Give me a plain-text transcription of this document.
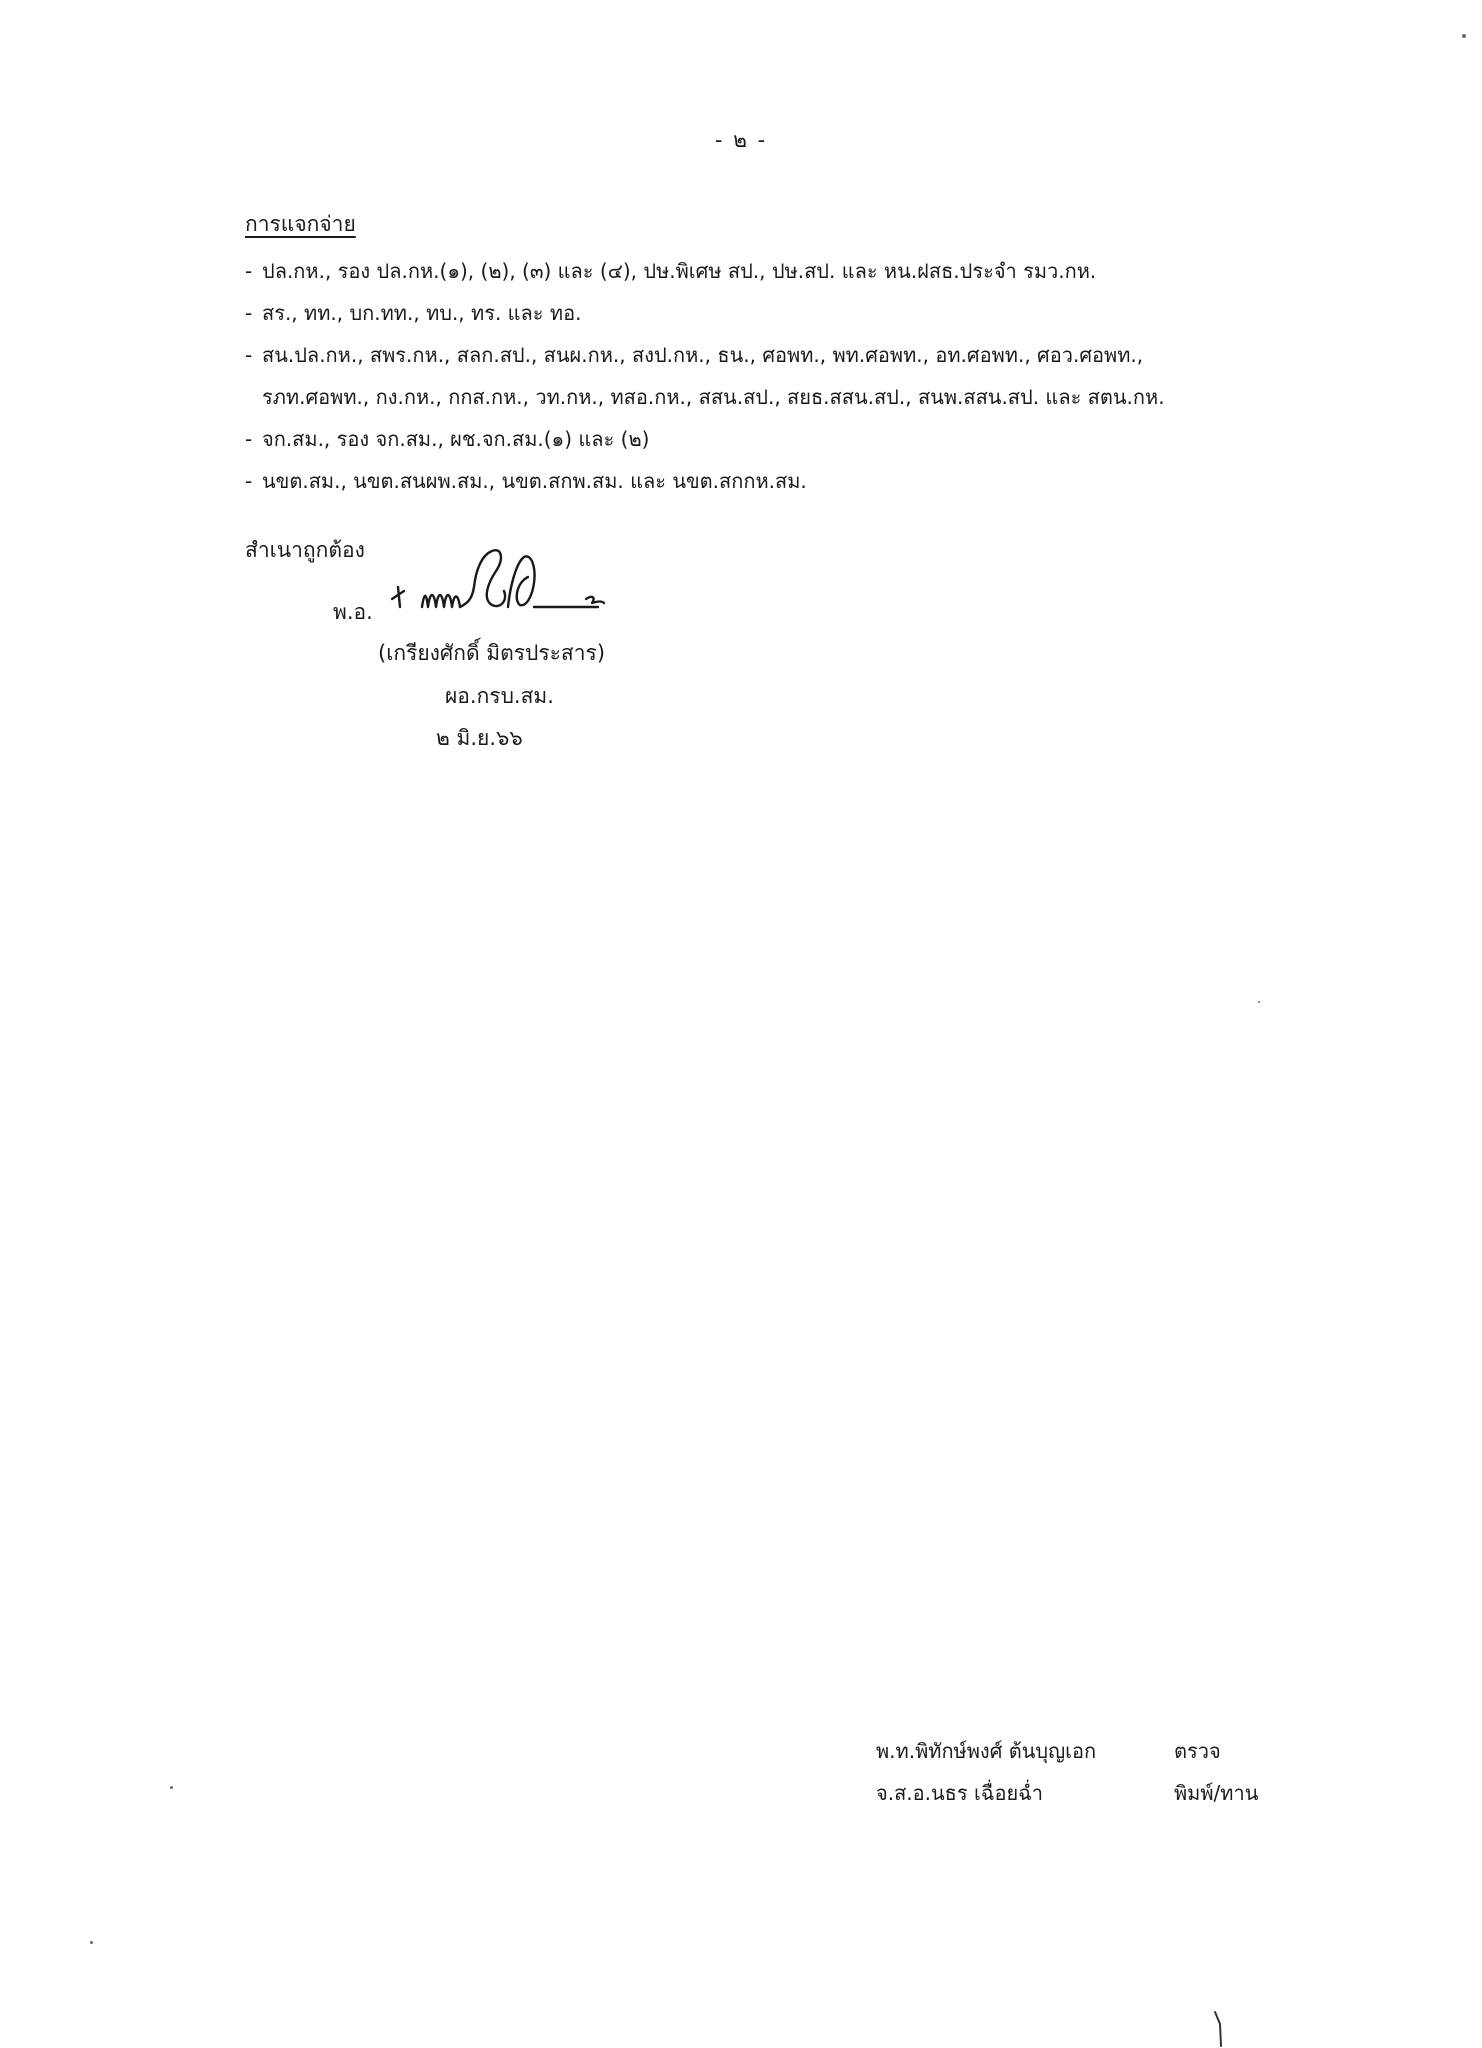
- ๒ -
การแจกจ่าย
- ปล.กห., รอง ปล.กห.(๑), (๒), (๓) และ (๔), ปษ.พิเศษ สป., ปษ.สป. และ หน.ฝสธ.ประจำ รมว.กห.
- สร., ทท., บก.ทท., ทบ., ทร. และ ทอ.
- สน.ปล.กห., สพร.กห., สลก.สป., สนผ.กห., สงป.กห., ธน., ศอพท., พท.ศอพท., อท.ศอพท., ศอว.ศอพท.,
รภท.ศอพท., กง.กห., กกส.กห., วท.กห., ทสอ.กห., สสน.สป., สยธ.สสน.สป., สนพ.สสน.สป. และ สตน.กห.
- จก.สม., รอง จก.สม., ผช.จก.สม.(๑) และ (๒)
- นขต.สม., นขต.สนผพ.สม., นขต.สกพ.สม. และ นขต.สกกห.สม.
สำเนาถูกต้อง
พ.อ.
(เกรียงศักดิ์ มิตรประสาร)
ผอ.กรบ.สม.
๒ มิ.ย.๖๖
พ.ท.พิทักษ์พงศ์ ต้นบุญเอก	ตรวจ
จ.ส.อ.นธร เฉื่อยฉ่ำ	พิมพ์/ทาน
